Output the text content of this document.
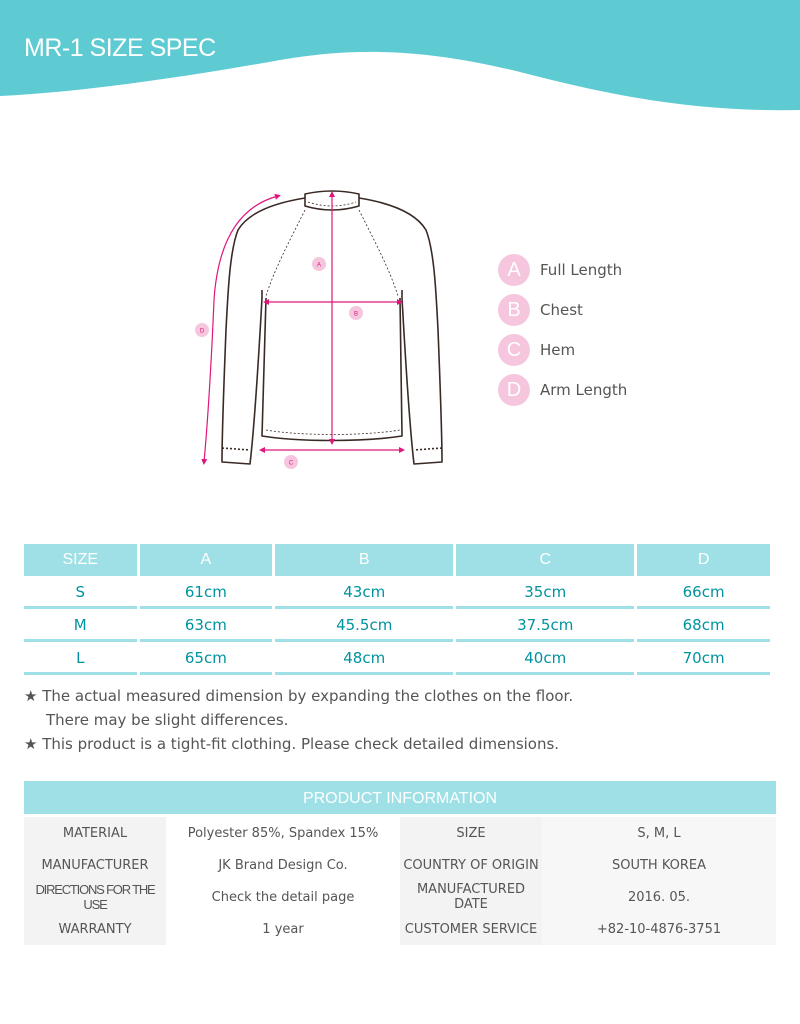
MR-1 SIZE SPEC
A
B
C
D
A	Full Length
B	Chest
C	Hem
D	Arm Length
SIZE	A	B	C	D
S	61cm	43cm	35cm	66cm
M	63cm	45.5cm	37.5cm	68cm
L	65cm	48cm	40cm	70cm
★ The actual measured dimension by expanding the clothes on the floor.
There may be slight differences.
★ This product is a tight-fit clothing. Please check detailed dimensions.
PRODUCT INFORMATION
MATERIAL	Polyester 85%, Spandex 15%	SIZE	S, M, L
MANUFACTURER	JK Brand Design Co.	COUNTRY OF ORIGIN	SOUTH KOREA
DIRECTIONS FOR THE USE	Check the detail page	MANUFACTURED DATE	2016. 05.
WARRANTY	1 year	CUSTOMER SERVICE	+82-10-4876-3751
